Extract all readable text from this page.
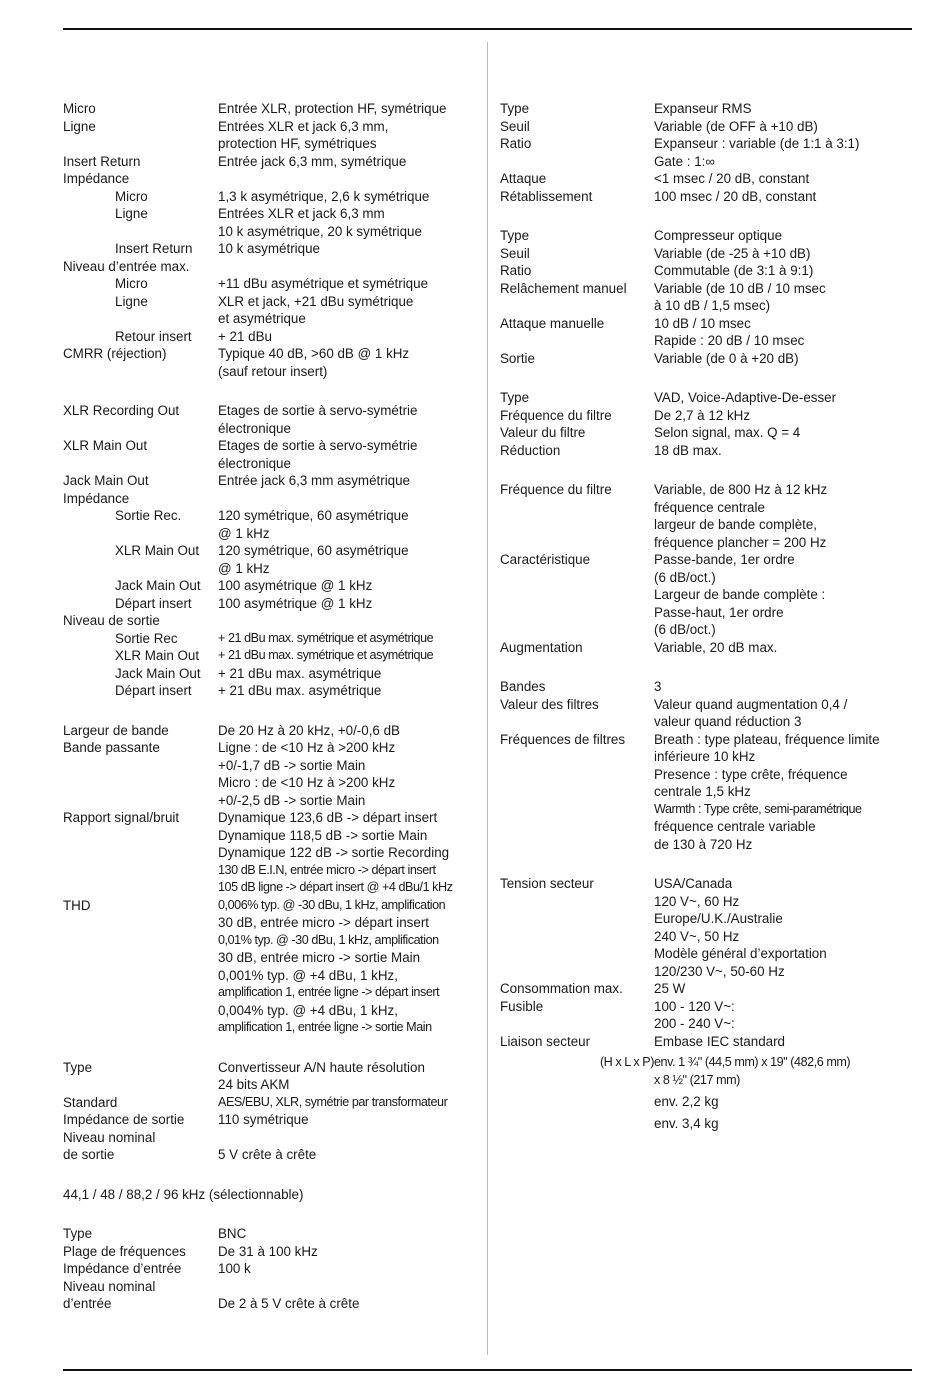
Micro	Entrée XLR, protection HF, symétrique
Ligne	Entrées XLR et jack 6,3 mm,
protection HF, symétriques
Insert Return	Entrée jack 6,3 mm, symétrique
Impédance
Micro	1,3 k asymétrique, 2,6 k symétrique
Ligne	Entrées XLR et jack 6,3 mm
10 k asymétrique, 20 k symétrique
Insert Return	10 k asymétrique
Niveau d’entrée max.
Micro	+11 dBu asymétrique et symétrique
Ligne	XLR et jack, +21 dBu symétrique
et asymétrique
Retour insert	+ 21 dBu
CMRR (réjection)	Typique 40 dB, >60 dB @ 1 kHz
(sauf retour insert)
XLR Recording Out	Etages de sortie à servo-symétrie
électronique
XLR Main Out	Etages de sortie à servo-symétrie
électronique
Jack Main Out	Entrée jack 6,3 mm asymétrique
Impédance
Sortie Rec.	120 symétrique, 60 asymétrique
@ 1 kHz
XLR Main Out	120 symétrique, 60 asymétrique
@ 1 kHz
Jack Main Out	100 asymétrique @ 1 kHz
Départ insert	100 asymétrique @ 1 kHz
Niveau de sortie
Sortie Rec	+ 21 dBu max. symétrique et asymétrique
XLR Main Out	+ 21 dBu max. symétrique et asymétrique
Jack Main Out	+ 21 dBu max. asymétrique
Départ insert	+ 21 dBu max. asymétrique
Largeur de bande	De 20 Hz à 20 kHz, +0/-0,6 dB
Bande passante	Ligne : de <10 Hz à >200 kHz
+0/-1,7 dB -> sortie Main
Micro : de <10 Hz à >200 kHz
+0/-2,5 dB -> sortie Main
Rapport signal/bruit	Dynamique 123,6 dB -> départ insert
Dynamique 118,5 dB -> sortie Main
Dynamique 122 dB -> sortie Recording
130 dB E.I.N, entrée micro -> départ insert
105 dB ligne -> départ insert @ +4 dBu/1 kHz
THD	0,006% typ. @ -30 dBu, 1 kHz, amplification
30 dB, entrée micro -> départ insert
0,01% typ. @ -30 dBu, 1 kHz, amplification
30 dB, entrée micro -> sortie Main
0,001% typ. @ +4 dBu, 1 kHz,
amplification 1, entrée ligne -> départ insert
0,004% typ. @ +4 dBu, 1 kHz,
amplification 1, entrée ligne -> sortie Main
Type	Convertisseur A/N haute résolution
24 bits AKM
Standard	AES/EBU, XLR, symétrie par transformateur
Impédance de sortie	110 symétrique
Niveau nominal
de sortie	5 V crête à crête
44,1 / 48 / 88,2 / 96 kHz (sélectionnable)
Type	BNC
Plage de fréquences	De 31 à 100 kHz
Impédance d’entrée	100 k
Niveau nominal
d’entrée	De 2 à 5 V crête à crête
Type	Expanseur RMS
Seuil	Variable (de OFF à +10 dB)
Ratio	Expanseur : variable (de 1:1 à 3:1)
Gate : 1:∞
Attaque	<1 msec / 20 dB, constant
Rétablissement	100 msec / 20 dB, constant
Type	Compresseur optique
Seuil	Variable (de -25 à +10 dB)
Ratio	Commutable (de 3:1 à 9:1)
Relâchement manuel	Variable (de 10 dB / 10 msec
à 10 dB / 1,5 msec)
Attaque manuelle	10 dB / 10 msec
Rapide : 20 dB / 10 msec
Sortie	Variable (de 0 à +20 dB)
Type	VAD, Voice-Adaptive-De-esser
Fréquence du filtre	De 2,7 à 12 kHz
Valeur du filtre	Selon signal, max. Q = 4
Réduction	18 dB max.
Fréquence du filtre	Variable, de 800 Hz à 12 kHz
fréquence centrale
largeur de bande complète,
fréquence plancher = 200 Hz
Caractéristique	Passe-bande, 1er ordre
(6 dB/oct.)
Largeur de bande complète :
Passe-haut, 1er ordre
(6 dB/oct.)
Augmentation	Variable, 20 dB max.
Bandes	3
Valeur des filtres	Valeur quand augmentation 0,4 /
valeur quand réduction 3
Fréquences de filtres	Breath : type plateau, fréquence limite
inférieure 10 kHz
Presence : type crête, fréquence
centrale 1,5 kHz
Warmth : Type crête, semi-paramétrique
fréquence centrale variable
de 130 à 720 Hz
Tension secteur	USA/Canada
120 V~, 60 Hz
Europe/U.K./Australie
240 V~, 50 Hz
Modèle général d’exportation
120/230 V~, 50-60 Hz
Consommation max.	25 W
Fusible	100 - 120 V~:
200 - 240 V~:
Liaison secteur	Embase IEC standard
(H x L x P) env. 1 ¾" (44,5 mm) x 19" (482,6 mm)
x 8 ½" (217 mm)
env. 2,2 kg
env. 3,4 kg
